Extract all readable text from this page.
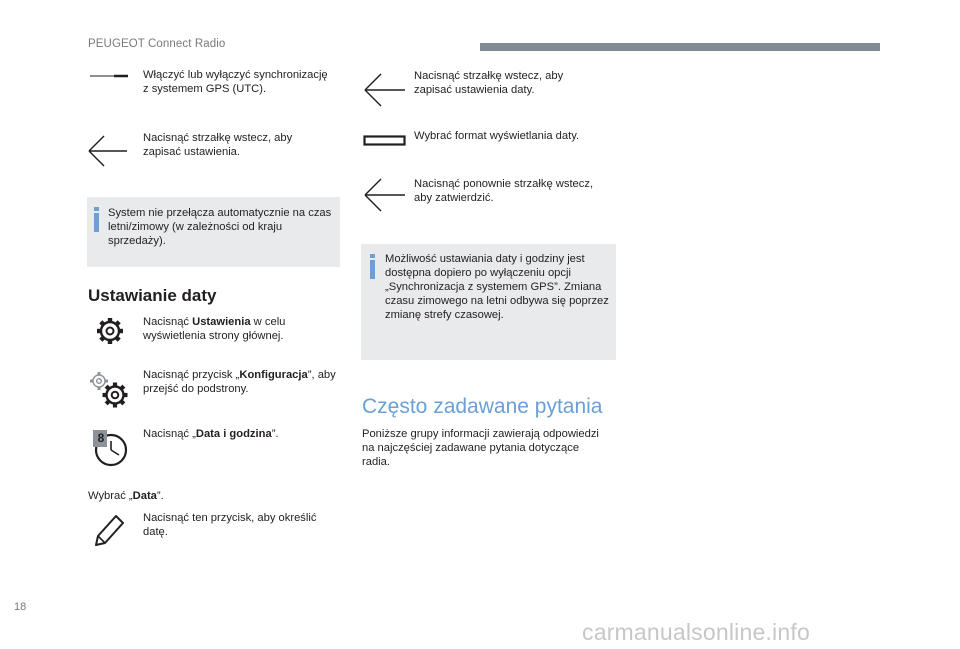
PEUGEOT Connect Radio
Włączyć lub wyłączyć synchronizację z systemem GPS (UTC).
Nacisnąć strzałkę wstecz, aby zapisać ustawienia.
System nie przełącza automatycznie na czas letni/zimowy (w zależności od kraju sprzedaży).
Ustawianie daty
Nacisnąć Ustawienia w celu wyświetlenia strony głównej.
Nacisnąć przycisk „Konfiguracja”, aby przejść do podstrony.
8	Nacisnąć „Data i godzina”.
Wybrać „Data”.
Nacisnąć ten przycisk, aby określić datę.
Nacisnąć strzałkę wstecz, aby zapisać ustawienia daty.
Wybrać format wyświetlania daty.
Nacisnąć ponownie strzałkę wstecz, aby zatwierdzić.
Możliwość ustawiania daty i godziny jest dostępna dopiero po wyłączeniu opcji „Synchronizacja z systemem GPS”. Zmiana czasu zimowego na letni odbywa się poprzez zmianę strefy czasowej.
Często zadawane pytania
Poniższe grupy informacji zawierają odpowiedzi na najczęściej zadawane pytania dotyczące radia.
18
carmanualsonline.info
